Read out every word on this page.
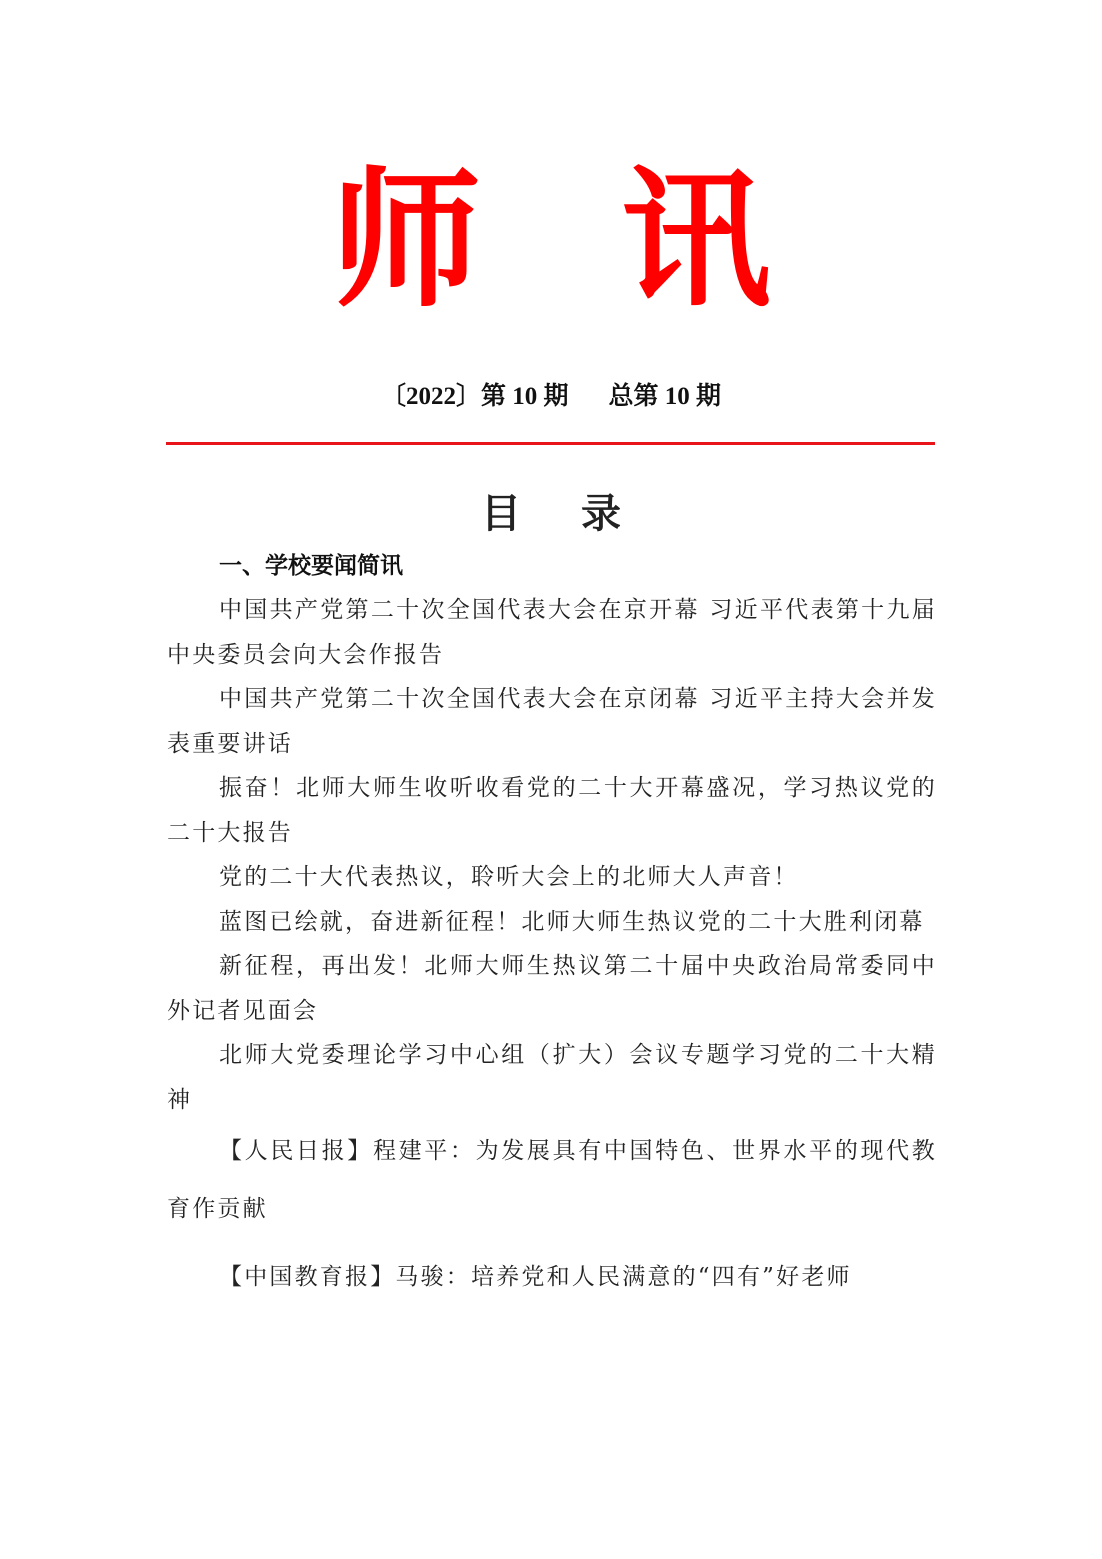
师 讯
〔2022〕第 10 期 总第 10 期
目 录
一、学校要闻简讯
中国共产党第二十次全国代表大会在京开幕 习近平代表第十九届中央委员会向大会作报告
中国共产党第二十次全国代表大会在京闭幕 习近平主持大会并发表重要讲话
振奋！北师大师生收听收看党的二十大开幕盛况，学习热议党的二十大报告
党的二十大代表热议，聆听大会上的北师大人声音！
蓝图已绘就，奋进新征程！北师大师生热议党的二十大胜利闭幕
新征程，再出发！北师大师生热议第二十届中央政治局常委同中外记者见面会
北师大党委理论学习中心组（扩大）会议专题学习党的二十大精神
【人民日报】程建平：为发展具有中国特色、世界水平的现代教育作贡献
【中国教育报】马骏：培养党和人民满意的“四有”好老师
